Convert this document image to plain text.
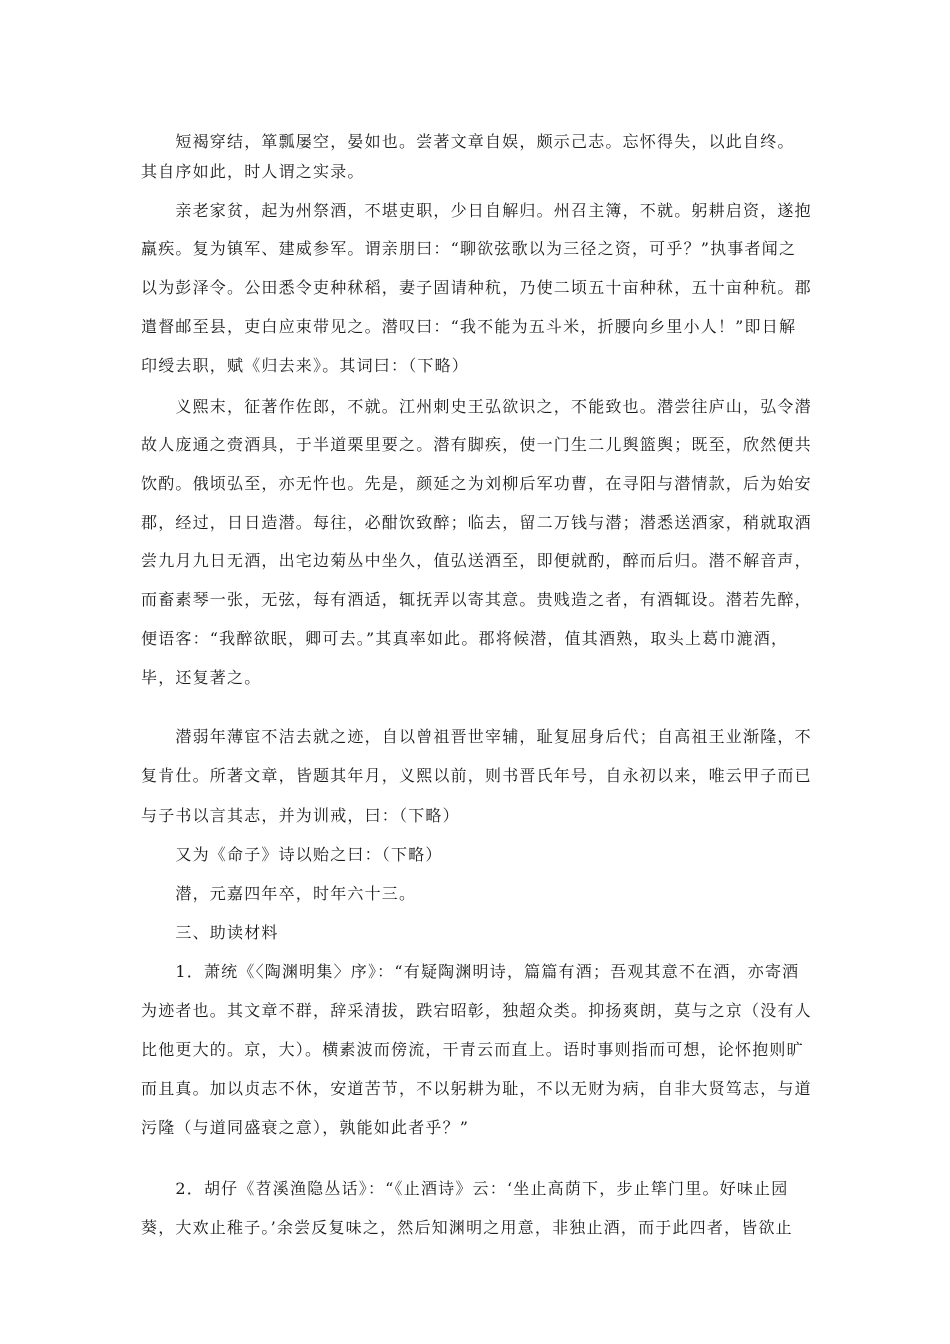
　　短褐穿结，箪瓢屡空，晏如也。尝著文章自娱，颇示己志。忘怀得失，以此自终。

其自序如此，时人谓之实录。

　　亲老家贫，起为州祭酒，不堪吏职，少日自解归。州召主簿，不就。躬耕启资，遂抱

羸疾。复为镇军、建威参军。谓亲朋曰：“聊欲弦歌以为三径之资，可乎？”执事者闻之

以为彭泽令。公田悉令吏种秫稻，妻子固请种秔，乃使二顷五十亩种秫，五十亩种秔。郡

遣督邮至县，吏白应束带见之。潜叹曰：“我不能为五斗米，折腰向乡里小人！”即日解

印绶去职，赋《归去来》。其词曰：（下略）

　　义熙末，征著作佐郎，不就。江州刺史王弘欲识之，不能致也。潜尝往庐山，弘令潜

故人庞通之赍酒具，于半道栗里要之。潜有脚疾，使一门生二儿舆篮舆；既至，欣然便共

饮酌。俄顷弘至，亦无忤也。先是，颜延之为刘柳后军功曹，在寻阳与潜情款，后为始安

郡，经过，日日造潜。每往，必酣饮致醉；临去，留二万钱与潜；潜悉送酒家，稍就取酒

尝九月九日无酒，出宅边菊丛中坐久，值弘送酒至，即便就酌，醉而后归。潜不解音声，

而畜素琴一张，无弦，每有酒适，辄抚弄以寄其意。贵贱造之者，有酒辄设。潜若先醉，

便语客：“我醉欲眠，卿可去。”其真率如此。郡将候潜，值其酒熟，取头上葛巾漉酒，

毕，还复著之。

　　潜弱年薄宦不洁去就之迹，自以曾祖晋世宰辅，耻复屈身后代；自高祖王业渐隆，不

复肯仕。所著文章，皆题其年月，义熙以前，则书晋氏年号，自永初以来，唯云甲子而已

与子书以言其志，并为训戒，曰：（下略）

　　又为《命子》诗以贻之曰：（下略）

　　潜，元嘉四年卒，时年六十三。

　　三、助读材料

　　1．萧统《〈陶渊明集〉序》：“有疑陶渊明诗，篇篇有酒；吾观其意不在酒，亦寄酒

为迹者也。其文章不群，辞采清拔，跌宕昭彰，独超众类。抑扬爽朗，莫与之京（没有人

比他更大的。京，大）。横素波而傍流，干青云而直上。语时事则指而可想，论怀抱则旷

而且真。加以贞志不休，安道苦节，不以躬耕为耻，不以无财为病，自非大贤笃志，与道

污隆（与道同盛衰之意），孰能如此者乎？”

　　2．胡仔《苕溪渔隐丛话》：“《止酒诗》云：‘坐止高荫下，步止筚门里。好味止园

葵，大欢止稚子。’余尝反复味之，然后知渊明之用意，非独止酒，而于此四者，皆欲止
